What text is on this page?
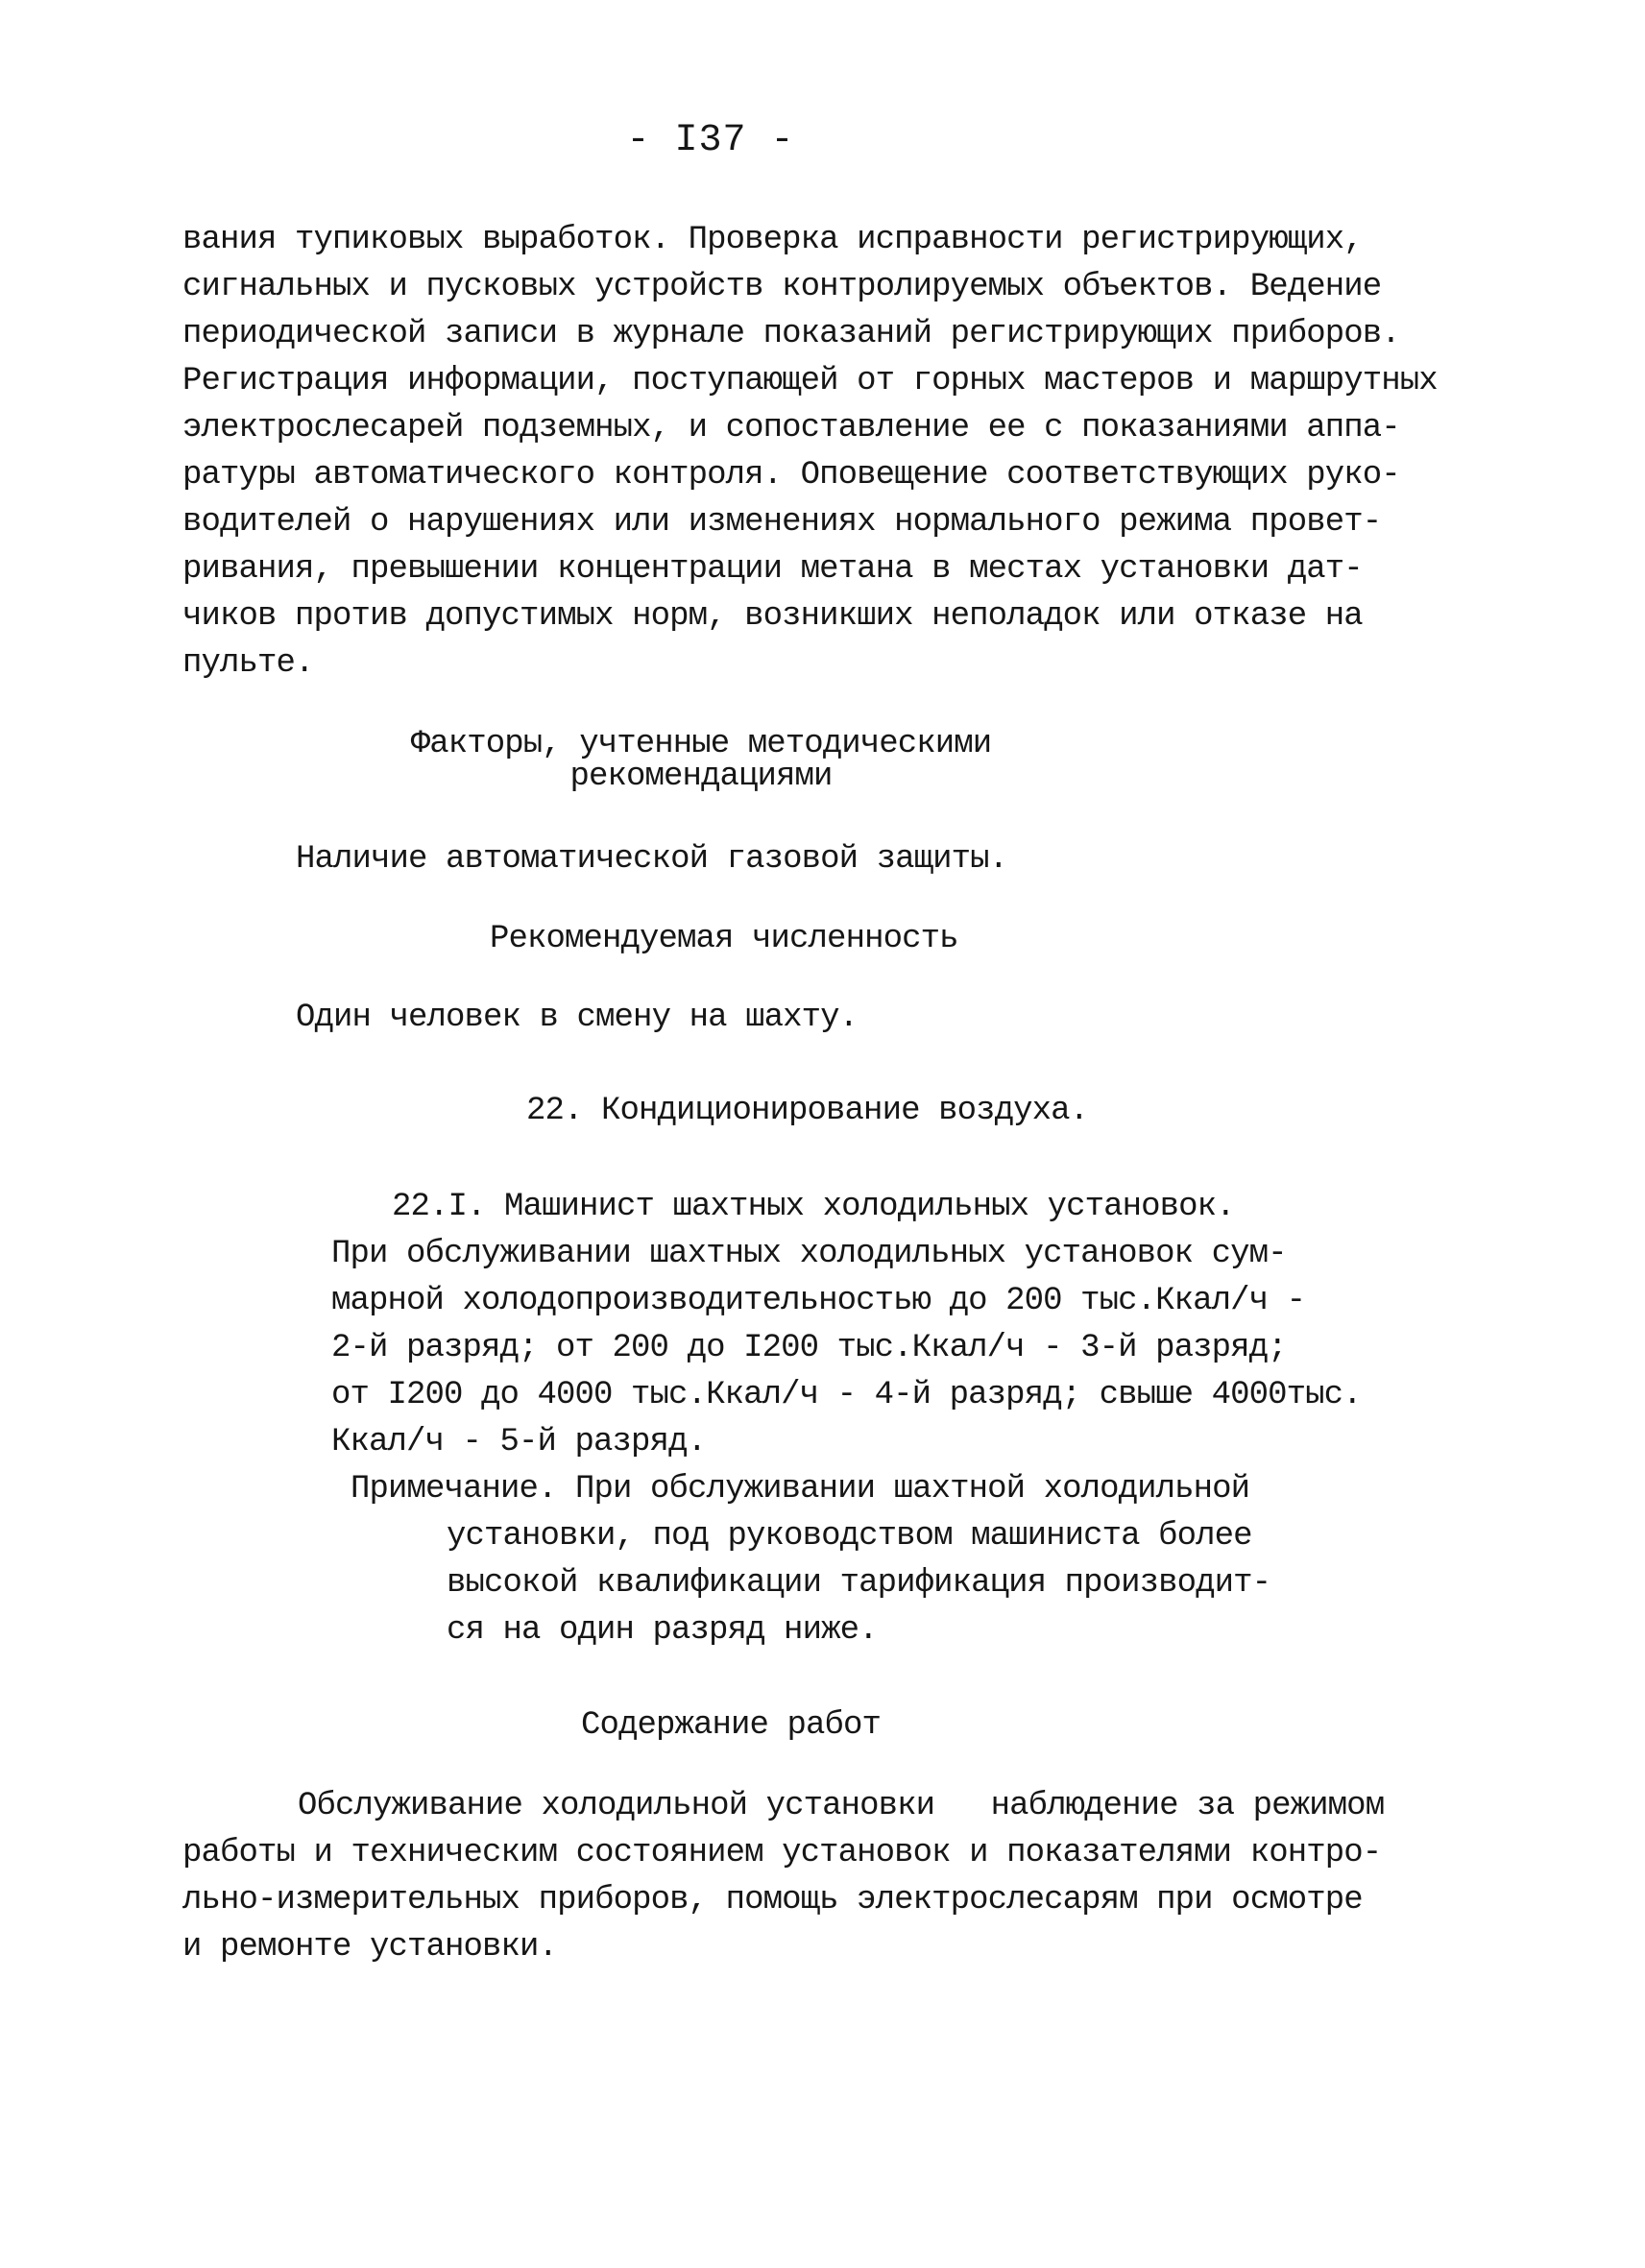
- I37 -
вания тупиковых выработок. Проверка исправности регистрирующих,
сигнальных и пусковых устройств контролируемых объектов. Ведение
периодической записи в журнале показаний регистрирующих приборов.
Регистрация информации, поступающей от горных мастеров и маршрутных
электрослесарей подземных, и сопоставление ее с показаниями аппа-
ратуры автоматического контроля. Оповещение соответствующих руко-
водителей о нарушениях или изменениях нормального режима провет-
ривания, превышении концентрации метана в местах установки дат-
чиков против допустимых норм, возникших неполадок или отказе на
пульте.
Факторы, учтенные методическими
рекомендациями
Наличие автоматической газовой защиты.
Рекомендуемая численность
Один человек в смену на шахту.
22. Кондиционирование воздуха.
22.I. Машинист шахтных холодильных установок.
При обслуживании шахтных холодильных установок сум-
марной холодопроизводительностью до 200 тыс.Ккал/ч -
2-й разряд; от 200 до I200 тыс.Ккал/ч - 3-й разряд;
от I200 до 4000 тыс.Ккал/ч - 4-й разряд; свыше 4000тыс.
Ккал/ч - 5-й разряд.
Примечание. При обслуживании шахтной холодильной
установки, под руководством машиниста более
высокой квалификации тарификация производит-
ся на один разряд ниже.
Содержание работ
Обслуживание холодильной установки   наблюдение за режимом
работы и техническим состоянием установок и показателями контро-
льно-измерительных приборов, помощь электрослесарям при осмотре
и ремонте установки.
